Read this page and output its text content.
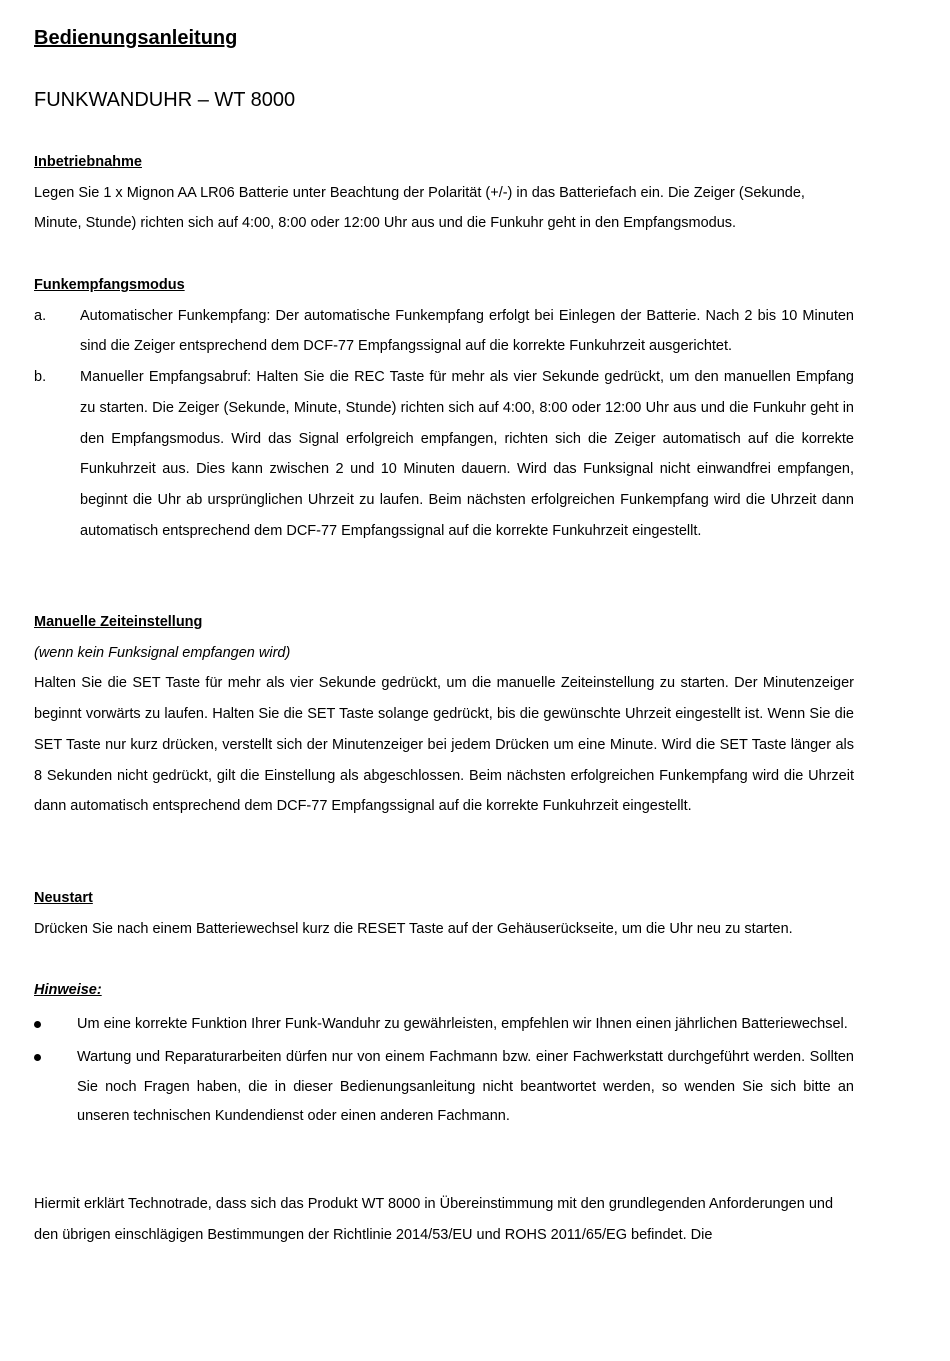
Bedienungsanleitung
FUNKWANDUHR – WT 8000
Inbetriebnahme

Legen Sie 1 x Mignon AA LR06 Batterie unter Beachtung der Polarität (+/-) in das Batteriefach ein. Die Zeiger (Sekunde, Minute, Stunde) richten sich auf 4:00, 8:00 oder 12:00 Uhr aus und die Funkuhr geht in den Empfangsmodus.

Funkempfangsmodus
a. Automatischer Funkempfang: Der automatische Funkempfang erfolgt bei Einlegen der Batterie. Nach 2 bis 10 Minuten sind die Zeiger entsprechend dem DCF-77 Empfangssignal auf die korrekte Funkuhrzeit ausgerichtet.

b. Manueller Empfangsabruf: Halten Sie die REC Taste für mehr als vier Sekunde gedrückt, um den manuellen Empfang zu starten. Die Zeiger (Sekunde, Minute, Stunde) richten sich auf 4:00, 8:00 oder 12:00 Uhr aus und die Funkuhr geht in den Empfangsmodus. Wird das Signal erfolgreich empfangen, richten sich die Zeiger automatisch auf die korrekte Funkuhrzeit aus. Dies kann zwischen 2 und 10 Minuten dauern. Wird das Funksignal nicht einwandfrei empfangen, beginnt die Uhr ab ursprünglichen Uhrzeit zu laufen. Beim nächsten erfolgreichen Funkempfang wird die Uhrzeit dann automatisch entsprechend dem DCF-77 Empfangssignal auf die korrekte Funkuhrzeit eingestellt.

Manuelle Zeiteinstellung

(wenn kein Funksignal empfangen wird)

Halten Sie die SET Taste für mehr als vier Sekunde gedrückt, um die manuelle Zeiteinstellung zu starten. Der Minutenzeiger beginnt vorwärts zu laufen. Halten Sie die SET Taste solange gedrückt, bis die gewünschte Uhrzeit eingestellt ist. Wenn Sie die SET Taste nur kurz drücken, verstellt sich der Minutenzeiger bei jedem Drücken um eine Minute. Wird die SET Taste länger als 8 Sekunden nicht gedrückt, gilt die Einstellung als abgeschlossen. Beim nächsten erfolgreichen Funkempfang wird die Uhrzeit dann automatisch entsprechend dem DCF-77 Empfangssignal auf die korrekte Funkuhrzeit eingestellt.

Neustart

Drücken Sie nach einem Batteriewechsel kurz die RESET Taste auf der Gehäuserückseite, um die Uhr neu zu starten.

Hinweise:

Um eine korrekte Funktion Ihrer Funk-Wanduhr zu gewährleisten, empfehlen wir Ihnen einen jährlichen Batteriewechsel.

Wartung und Reparaturarbeiten dürfen nur von einem Fachmann bzw. einer Fachwerkstatt durchgeführt werden. Sollten Sie noch Fragen haben, die in dieser Bedienungsanleitung nicht beantwortet werden, so wenden Sie sich bitte an unseren technischen Kundendienst oder einen anderen Fachmann.

Hiermit erklärt Technotrade, dass sich das Produkt WT 8000 in Übereinstimmung mit den grundlegenden Anforderungen und den übrigen einschlägigen Bestimmungen der Richtlinie 2014/53/EU und ROHS 2011/65/EG befindet. Die
